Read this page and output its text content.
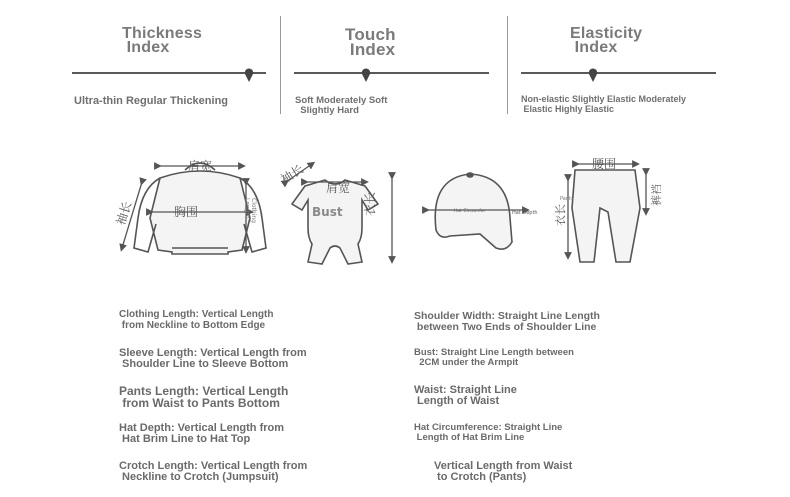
Thickness
Index
Touch
Index
Elasticity
Index
Ultra-thin Regular Thickening	Soft Moderately Soft
Slightly Hard
Non-elastic Slightly Elastic Moderately
Elastic Highly Elastic
肩宽
胸围
袖长	ClothingLength
袖长
肩宽
Bust 衣长	Hat Circumfer	Hat Depth
腰围
Pants
衣长
裤裆
Clothing Length: Vertical Length
from Neckline to Bottom Edge
Shoulder Width: Straight Line Length
between Two Ends of Shoulder Line
Sleeve Length: Vertical Length from
Shoulder Line to Sleeve Bottom
Bust: Straight Line Length between
2CM under the Armpit
Pants Length: Vertical Length
from Waist to Pants Bottom
Waist: Straight Line
Length of Waist
Hat Depth: Vertical Length from
Hat Brim Line to Hat Top
Hat Circumference: Straight Line
Length of Hat Brim Line
Crotch Length: Vertical Length from
Neckline to Crotch (Jumpsuit)
Vertical Length from Waist
to Crotch (Pants)
